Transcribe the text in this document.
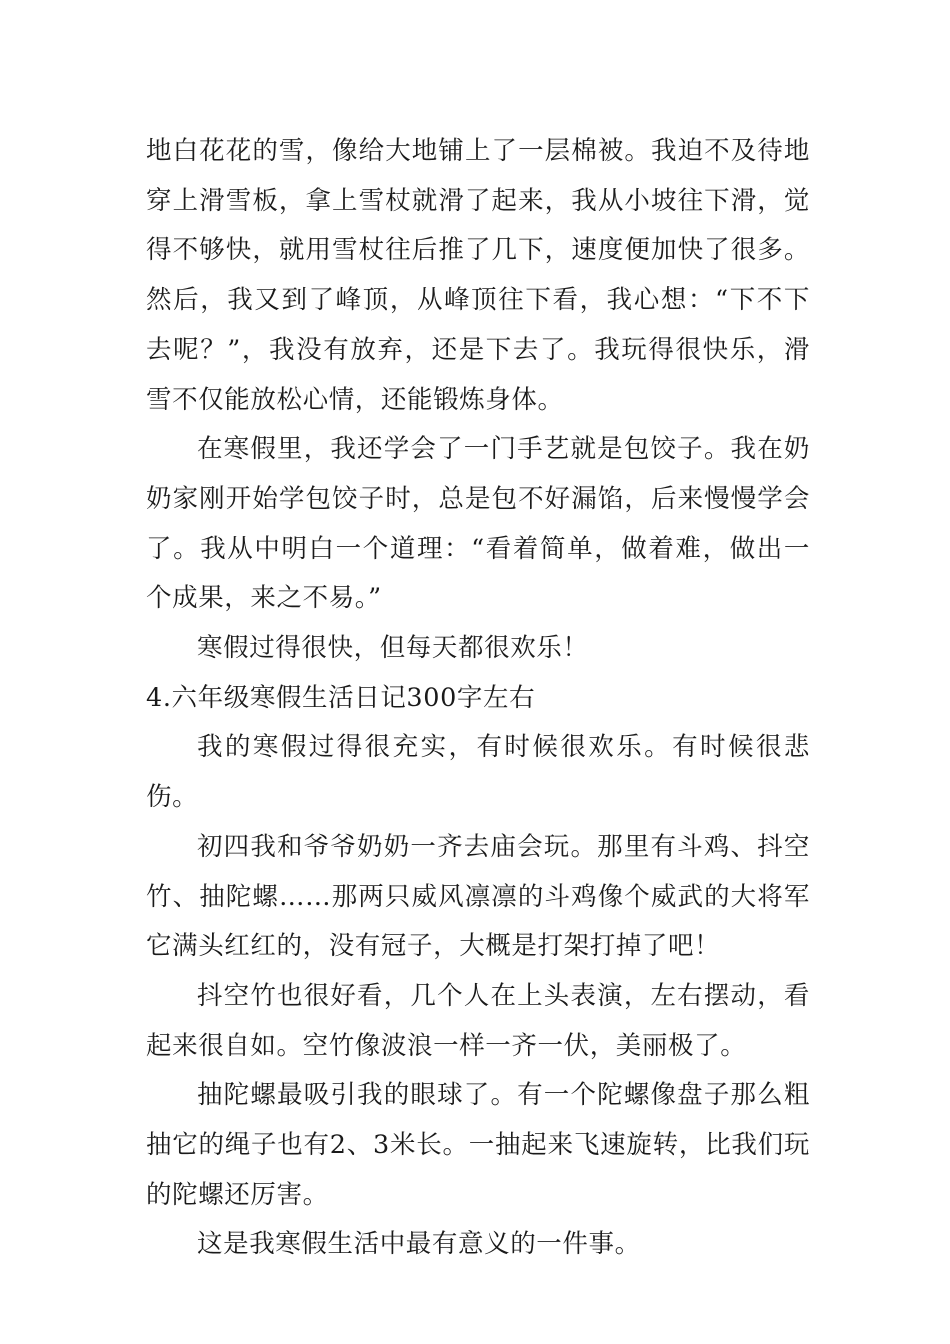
地白花花的雪，像给大地铺上了一层棉被。我迫不及待地穿上滑雪板，拿上雪杖就滑了起来，我从小坡往下滑，觉得不够快，就用雪杖往后推了几下，速度便加快了很多。然后，我又到了峰顶，从峰顶往下看，我心想：“下不下去呢？”，我没有放弃，还是下去了。我玩得很快乐，滑雪不仅能放松心情，还能锻炼身体。

在寒假里，我还学会了一门手艺就是包饺子。我在奶奶家刚开始学包饺子时，总是包不好漏馅，后来慢慢学会了。我从中明白一个道理：“看着简单，做着难，做出一个成果，来之不易。”

寒假过得很快，但每天都很欢乐！

4.六年级寒假生活日记300字左右

我的寒假过得很充实，有时候很欢乐。有时候很悲伤。

初四我和爷爷奶奶一齐去庙会玩。那里有斗鸡、抖空竹、抽陀螺……那两只威风凛凛的斗鸡像个威武的大将军它满头红红的，没有冠子，大概是打架打掉了吧！

抖空竹也很好看，几个人在上头表演，左右摆动，看起来很自如。空竹像波浪一样一齐一伏，美丽极了。

抽陀螺最吸引我的眼球了。有一个陀螺像盘子那么粗抽它的绳子也有2、3米长。一抽起来飞速旋转，比我们玩的陀螺还厉害。

这是我寒假生活中最有意义的一件事。
